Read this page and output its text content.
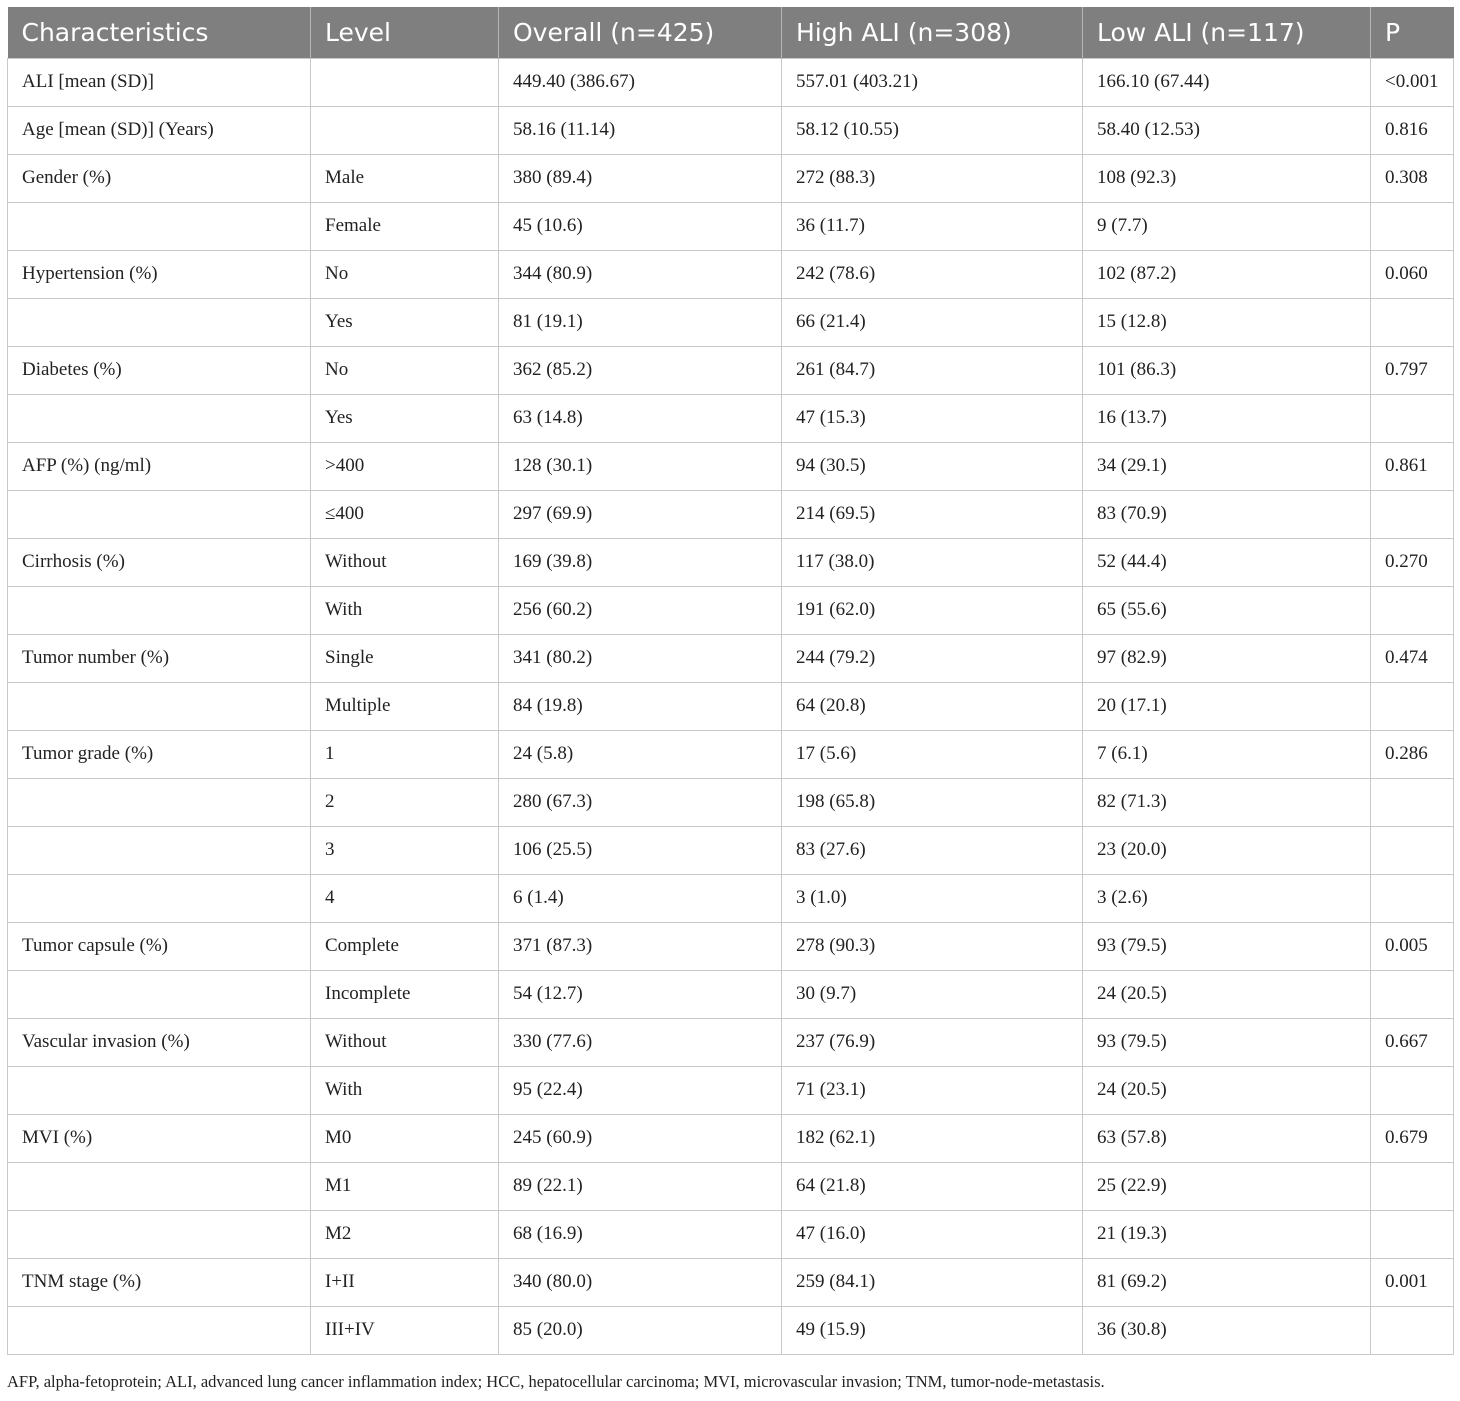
Characteristics	Level	Overall (n=425)	High ALI (n=308)	Low ALI (n=117)	P
ALI [mean (SD)]		449.40 (386.67)	557.01 (403.21)	166.10 (67.44)	<0.001
Age [mean (SD)] (Years)		58.16 (11.14)	58.12 (10.55)	58.40 (12.53)	0.816
Gender (%)	Male	380 (89.4)	272 (88.3)	108 (92.3)	0.308
	Female	45 (10.6)	36 (11.7)	9 (7.7)	
Hypertension (%)	No	344 (80.9)	242 (78.6)	102 (87.2)	0.060
	Yes	81 (19.1)	66 (21.4)	15 (12.8)	
Diabetes (%)	No	362 (85.2)	261 (84.7)	101 (86.3)	0.797
	Yes	63 (14.8)	47 (15.3)	16 (13.7)	
AFP (%) (ng/ml)	>400	128 (30.1)	94 (30.5)	34 (29.1)	0.861
	≤400	297 (69.9)	214 (69.5)	83 (70.9)	
Cirrhosis (%)	Without	169 (39.8)	117 (38.0)	52 (44.4)	0.270
	With	256 (60.2)	191 (62.0)	65 (55.6)	
Tumor number (%)	Single	341 (80.2)	244 (79.2)	97 (82.9)	0.474
	Multiple	84 (19.8)	64 (20.8)	20 (17.1)	
Tumor grade (%)	1	24 (5.8)	17 (5.6)	7 (6.1)	0.286
	2	280 (67.3)	198 (65.8)	82 (71.3)	
	3	106 (25.5)	83 (27.6)	23 (20.0)	
	4	6 (1.4)	3 (1.0)	3 (2.6)	
Tumor capsule (%)	Complete	371 (87.3)	278 (90.3)	93 (79.5)	0.005
	Incomplete	54 (12.7)	30 (9.7)	24 (20.5)	
Vascular invasion (%)	Without	330 (77.6)	237 (76.9)	93 (79.5)	0.667
	With	95 (22.4)	71 (23.1)	24 (20.5)	
MVI (%)	M0	245 (60.9)	182 (62.1)	63 (57.8)	0.679
	M1	89 (22.1)	64 (21.8)	25 (22.9)	
	M2	68 (16.9)	47 (16.0)	21 (19.3)	
TNM stage (%)	I+II	340 (80.0)	259 (84.1)	81 (69.2)	0.001
	III+IV	85 (20.0)	49 (15.9)	36 (30.8)	
AFP, alpha-fetoprotein; ALI, advanced lung cancer inflammation index; HCC, hepatocellular carcinoma; MVI, microvascular invasion; TNM, tumor-node-metastasis.
